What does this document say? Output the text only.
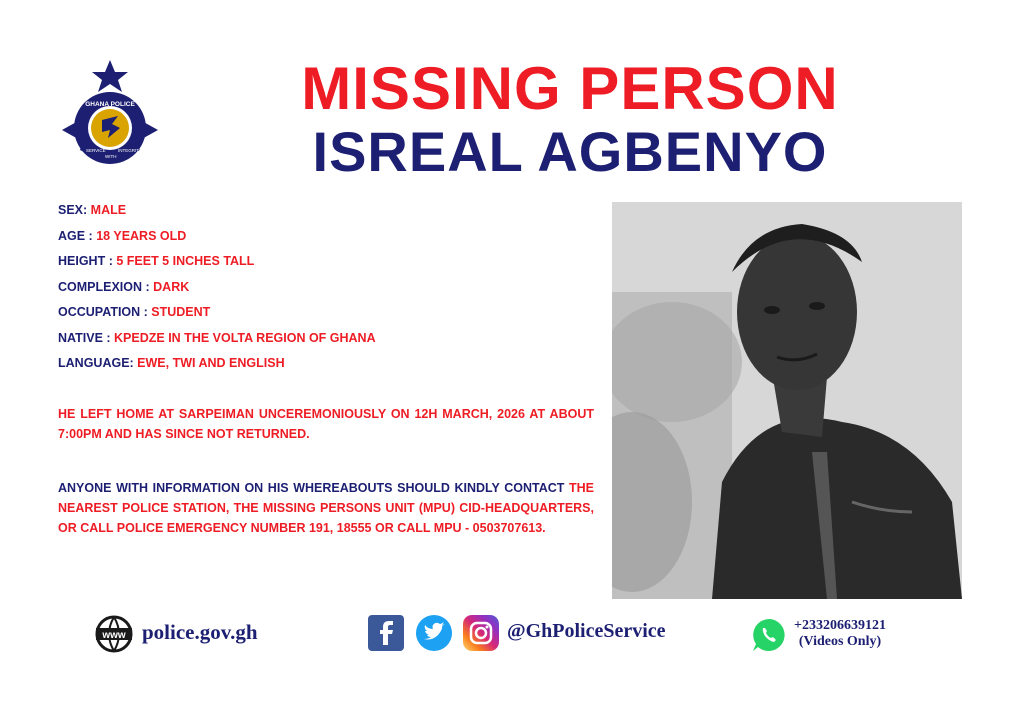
GHANA POLICE
SERVICE
WITH
INTEGRITY
MISSING PERSON
ISREAL AGBENYO
SEX: MALE
AGE : 18 YEARS OLD
HEIGHT : 5 FEET 5 INCHES TALL
COMPLEXION : DARK
OCCUPATION : STUDENT
NATIVE : KPEDZE IN THE VOLTA REGION OF GHANA
LANGUAGE: EWE, TWI AND ENGLISH
HE LEFT HOME AT SARPEIMAN UNCEREMONIOUSLY ON 12H MARCH, 2026 AT ABOUT 7:00PM AND HAS SINCE NOT RETURNED.
ANYONE WITH INFORMATION ON HIS WHEREABOUTS SHOULD KINDLY CONTACT THE NEAREST POLICE STATION, THE MISSING PERSONS UNIT (MPU) CID-HEADQUARTERS, OR CALL POLICE EMERGENCY NUMBER 191, 18555 OR CALL MPU - 0503707613.
www police.gov.gh	@GhPoliceService	+233206639121
(Videos Only)
